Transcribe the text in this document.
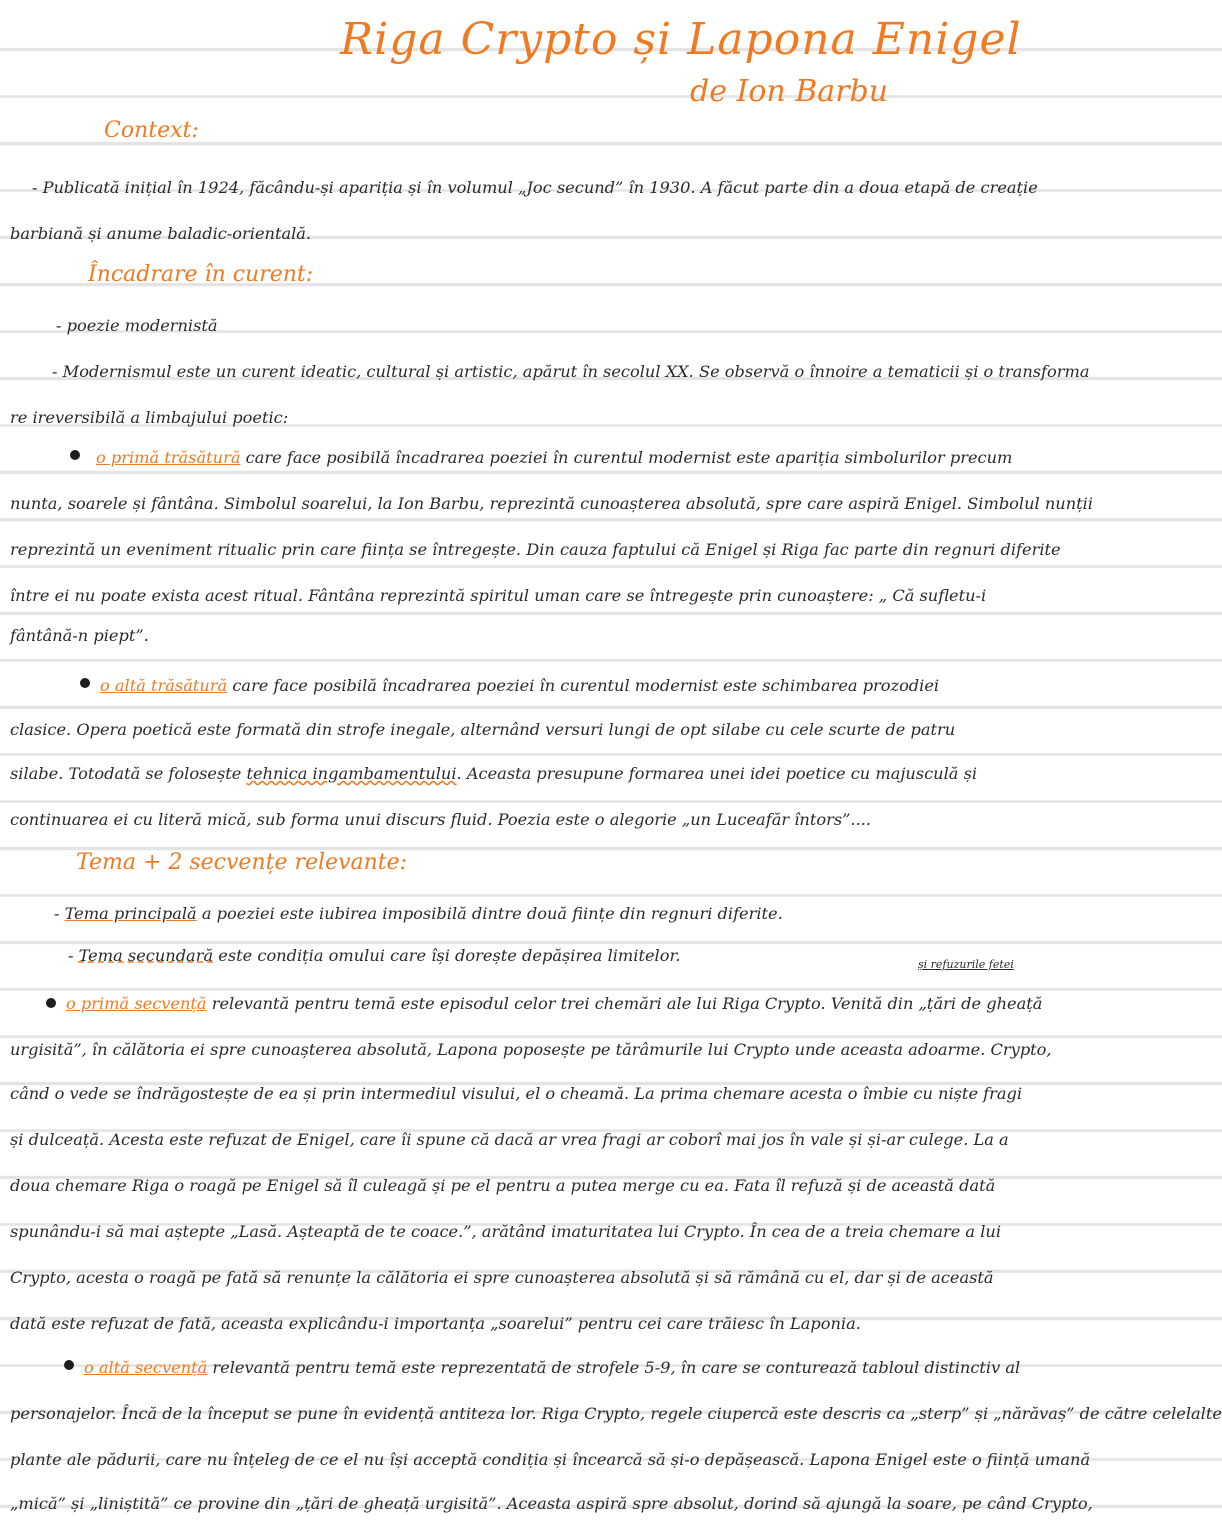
Riga Crypto și Lapona Enigel
de Ion Barbu
Context:
- Publicată inițial în 1924, făcându-și apariția și în volumul „Joc secund” în 1930. A făcut parte din a doua etapă de creație
barbiană și anume baladic-orientală.
Încadrare în curent:
- poezie modernistă
- Modernismul este un curent ideatic, cultural și artistic, apărut în secolul XX. Se observă o înnoire a tematicii și o transforma
re ireversibilă a limbajului poetic:
o primă trăsătură care face posibilă încadrarea poeziei în curentul modernist este apariția simbolurilor precum
nunta, soarele și fântâna. Simbolul soarelui, la Ion Barbu, reprezintă cunoașterea absolută, spre care aspiră Enigel. Simbolul nunții
reprezintă un eveniment ritualic prin care ființa se întregește. Din cauza faptului că Enigel și Riga fac parte din regnuri diferite
între ei nu poate exista acest ritual. Fântâna reprezintă spiritul uman care se întregește prin cunoaștere: „ Că sufletu-i
fântână-n piept”.
o altă trăsătură care face posibilă încadrarea poeziei în curentul modernist este schimbarea prozodiei
clasice. Opera poetică este formată din strofe inegale, alternând versuri lungi de opt silabe cu cele scurte de patru
silabe. Totodată se folosește tehnica ingambamentului. Aceasta presupune formarea unei idei poetice cu majusculă și
continuarea ei cu literă mică, sub forma unui discurs fluid. Poezia este o alegorie „un Luceafăr întors”....
Tema + 2 secvențe relevante:
- Tema principală a poeziei este iubirea imposibilă dintre două ființe din regnuri diferite.
- Tema secundară este condiția omului care își dorește depășirea limitelor.	și refuzurile fetei
o primă secvență relevantă pentru temă este episodul celor trei chemări ale lui Riga Crypto. Venită din „țări de gheață
urgisită”, în călătoria ei spre cunoașterea absolută, Lapona poposește pe tărâmurile lui Crypto unde aceasta adoarme. Crypto,
când o vede se îndrăgostește de ea și prin intermediul visului, el o cheamă. La prima chemare acesta o îmbie cu niște fragi
și dulceață. Acesta este refuzat de Enigel, care îi spune că dacă ar vrea fragi ar coborî mai jos în vale și și-ar culege. La a
doua chemare Riga o roagă pe Enigel să îl culeagă și pe el pentru a putea merge cu ea. Fata îl refuză și de această dată
spunându-i să mai aștepte „Lasă. Așteaptă de te coace.”, arătând imaturitatea lui Crypto. În cea de a treia chemare a lui
Crypto, acesta o roagă pe fată să renunțe la călătoria ei spre cunoașterea absolută și să rămână cu el, dar și de această
dată este refuzat de fată, aceasta explicându-i importanța „soarelui” pentru cei care trăiesc în Laponia.
o altă secvență relevantă pentru temă este reprezentată de strofele 5-9, în care se conturează tabloul distinctiv al
personajelor. Încă de la început se pune în evidență antiteza lor. Riga Crypto, regele ciupercă este descris ca „sterp” și „nărăvaș” de către celelalte
plante ale pădurii, care nu înțeleg de ce el nu își acceptă condiția și încearcă să și-o depășească. Lapona Enigel este o ființă umană
„mică” și „liniștită” ce provine din „țări de gheață urgisită”. Aceasta aspiră spre absolut, dorind să ajungă la soare, pe când Crypto,
